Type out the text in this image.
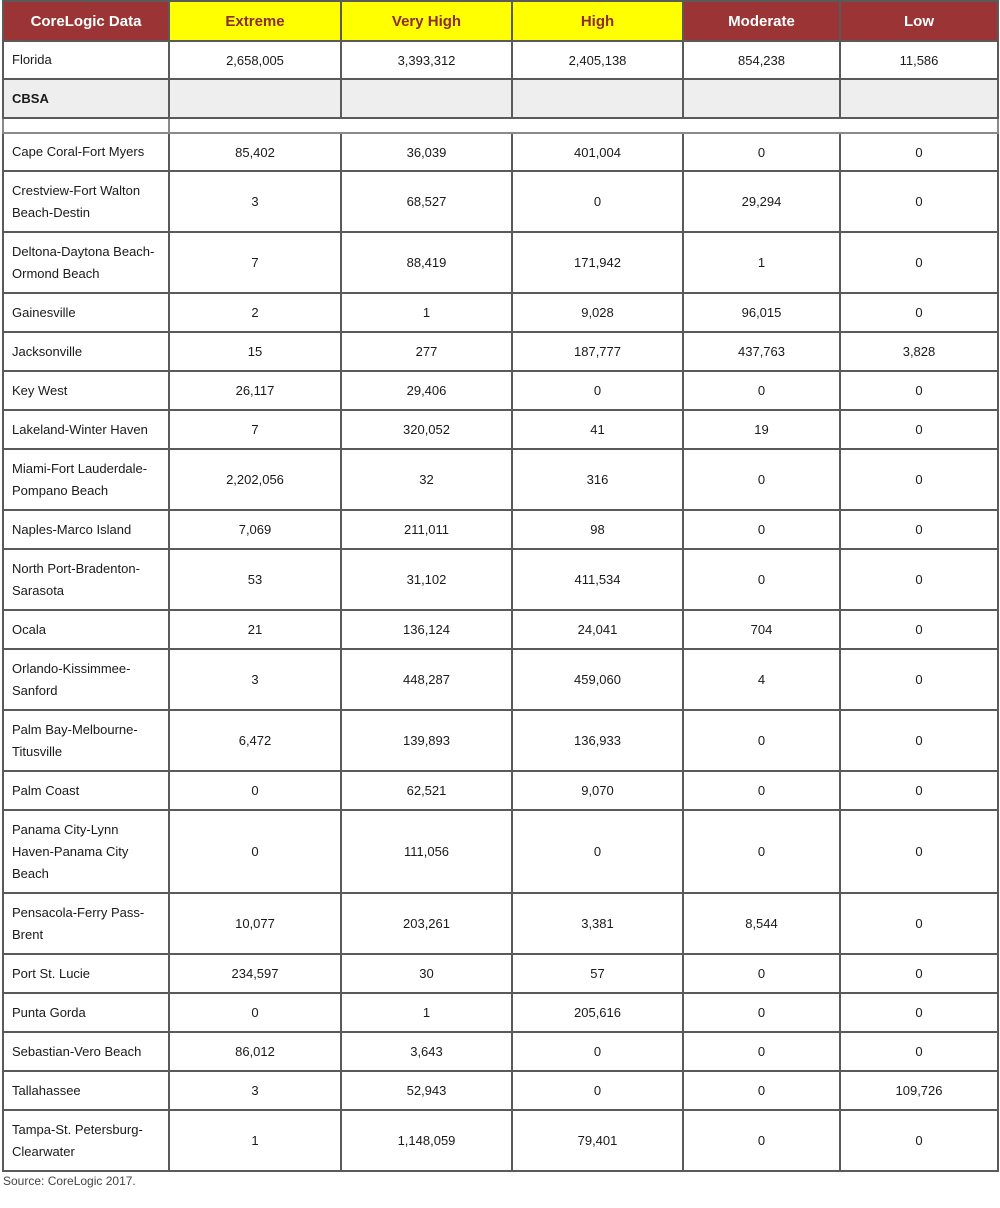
CoreLogic Data	Extreme	Very High	High	Moderate	Low
Florida	2,658,005	3,393,312	2,405,138	854,238	11,586
CBSA					

Cape Coral-Fort Myers	85,402	36,039	401,004	0	0
Crestview-Fort Walton Beach-Destin	3	68,527	0	29,294	0
Deltona-Daytona Beach-Ormond Beach	7	88,419	171,942	1	0
Gainesville	2	1	9,028	96,015	0
Jacksonville	15	277	187,777	437,763	3,828
Key West	26,117	29,406	0	0	0
Lakeland-Winter Haven	7	320,052	41	19	0
Miami-Fort Lauderdale-Pompano Beach	2,202,056	32	316	0	0
Naples-Marco Island	7,069	211,011	98	0	0
North Port-Bradenton-Sarasota	53	31,102	411,534	0	0
Ocala	21	136,124	24,041	704	0
Orlando-Kissimmee-Sanford	3	448,287	459,060	4	0
Palm Bay-Melbourne-Titusville	6,472	139,893	136,933	0	0
Palm Coast	0	62,521	9,070	0	0
Panama City-Lynn Haven-Panama City Beach	0	111,056	0	0	0
Pensacola-Ferry Pass-Brent	10,077	203,261	3,381	8,544	0
Port St. Lucie	234,597	30	57	0	0
Punta Gorda	0	1	205,616	0	0
Sebastian-Vero Beach	86,012	3,643	0	0	0
Tallahassee	3	52,943	0	0	109,726
Tampa-St. Petersburg-Clearwater	1	1,148,059	79,401	0	0
Source: CoreLogic 2017.
